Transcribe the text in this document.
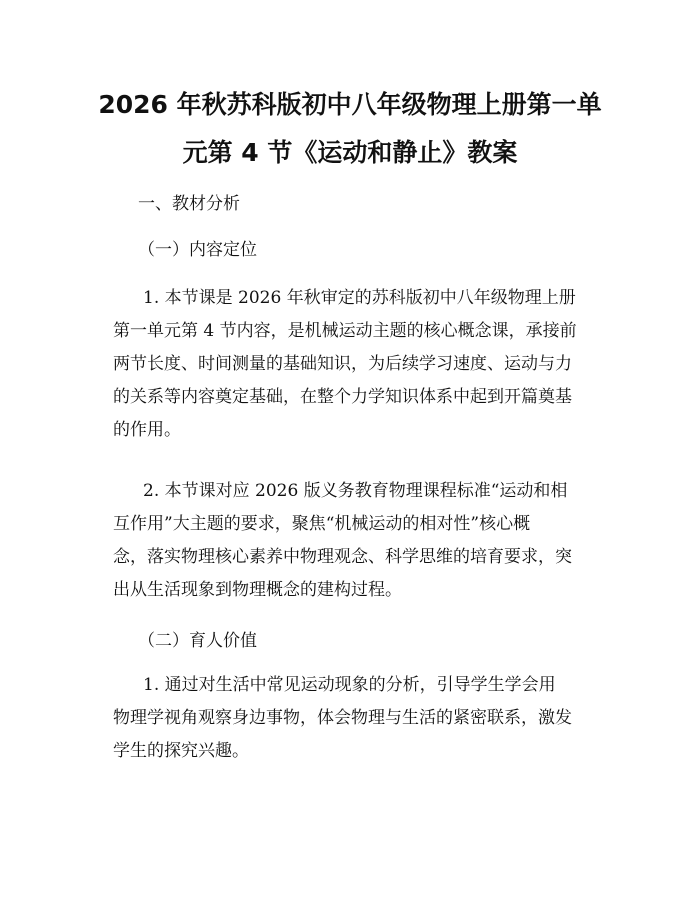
2026 年秋苏科版初中八年级物理上册第一单
元第 4 节《运动和静止》教案

一、教材分析

（一）内容定位

1. 本节课是 2026 年秋审定的苏科版初中八年级物理上册
第一单元第 4 节内容，是机械运动主题的核心概念课，承接前
两节长度、时间测量的基础知识，为后续学习速度、运动与力
的关系等内容奠定基础，在整个力学知识体系中起到开篇奠基
的作用。
2. 本节课对应 2026 版义务教育物理课程标准“运动和相
互作用”大主题的要求，聚焦“机械运动的相对性”核心概
念，落实物理核心素养中物理观念、科学思维的培育要求，突
出从生活现象到物理概念的建构过程。

（二）育人价值

1. 通过对生活中常见运动现象的分析，引导学生学会用
物理学视角观察身边事物，体会物理与生活的紧密联系，激发
学生的探究兴趣。
